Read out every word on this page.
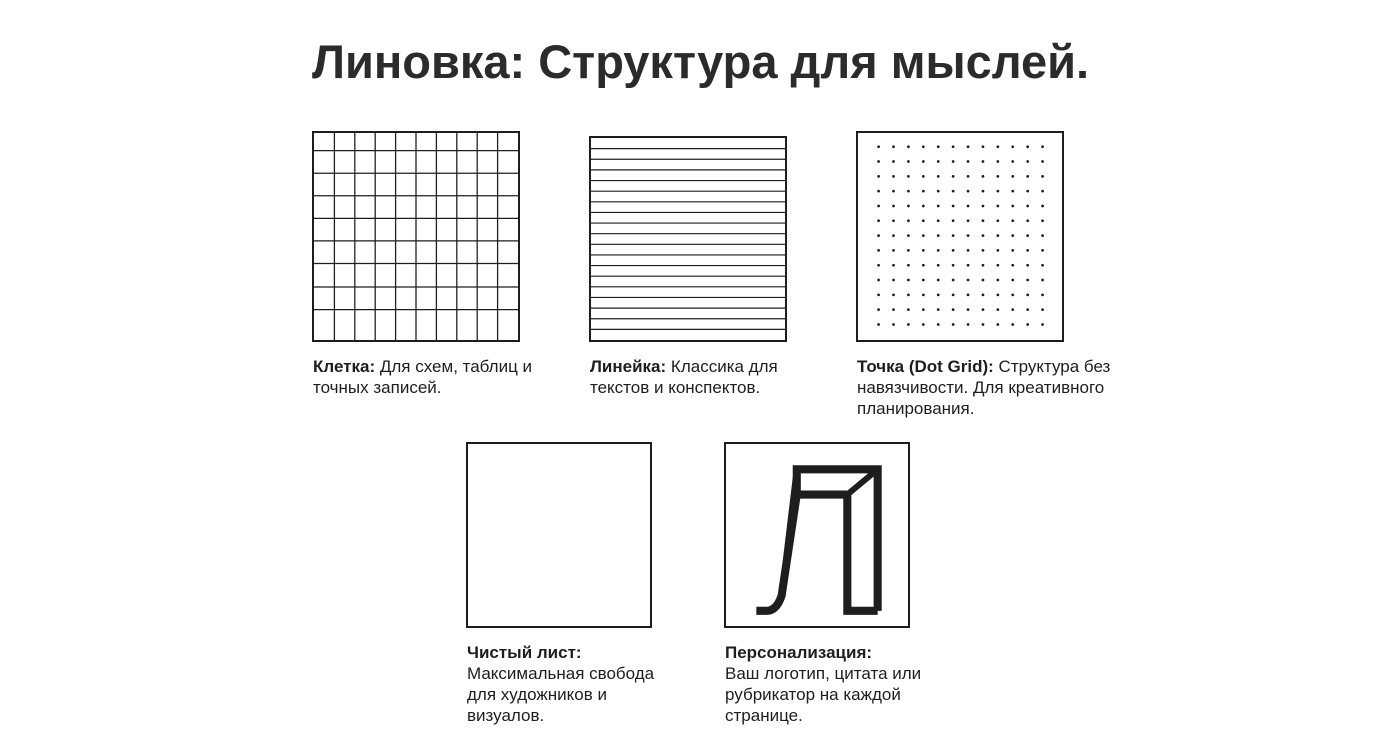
Линовка: Структура для мыслей.
Клетка: Для схем, таблиц и точных записей.
Линейка: Классика для текстов и конспектов.
Точка (Dot Grid): Структура без навязчивости. Для креативного планирования.
Чистый лист:
Максимальная свобода для художников и визуалов.
Л
Персонализация:
Ваш логотип, цитата или рубрикатор на каждой странице.
